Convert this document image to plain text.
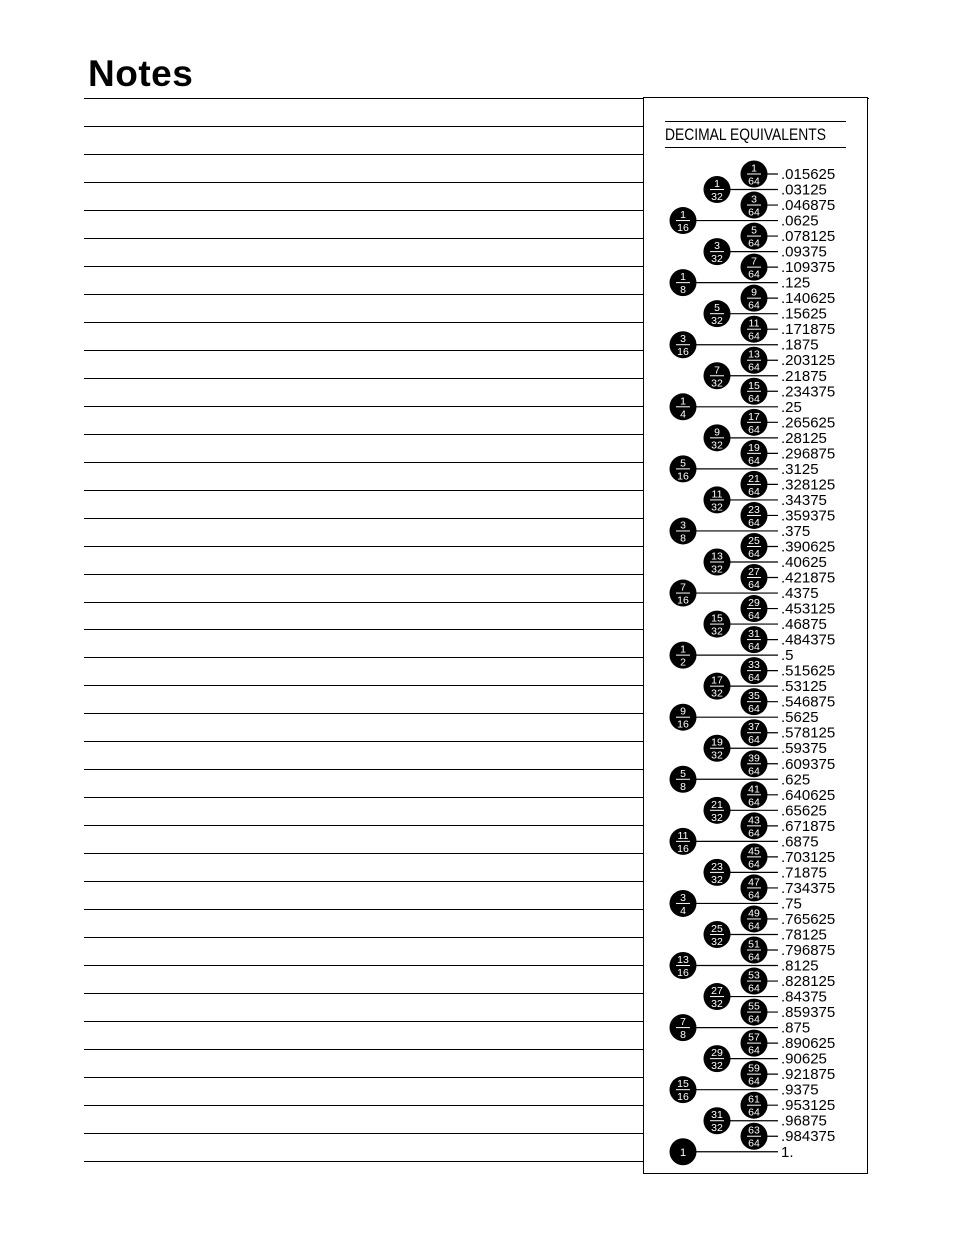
Notes
DECIMAL EQUIVALENTS
1
64 .015625
1
32	.03125
3
64 .046875
1
16	.0625
5
64 .078125
3
32	.09375
7
64 .109375
1
8	.125
9
64 .140625
5
32	.15625
11
64 .171875
3
16	.1875
13
64 .203125
7
32	.21875
15
64 .234375
1
4	.25
17
64 .265625
9
32	.28125
19
64 .296875
5
16	.3125
21
64 .328125
11
32	.34375
23
64 .359375
3
8	.375
25
64 .390625
13
32	.40625
27
64 .421875
7
16	.4375
29
64 .453125
15
32	.46875
31
64 .484375
1
2	.5
33
64 .515625
17
32	.53125
35
64 .546875
9
16	.5625
37
64 .578125
19
32	.59375
39
64 .609375
5
8	.625
41
64 .640625
21
32	.65625
43
64 .671875
11
16	.6875
45
64 .703125
23
32	.71875
47
64 .734375
3
4	.75
49
64 .765625
25
32	.78125
51
64 .796875
13
16	.8125
53
64 .828125
27
32	.84375
55
64 .859375
7
8	.875
57
64 .890625
29
32	.90625
59
64 .921875
15
16	.9375
61
64 .953125
31
32	.96875
63
64 .984375
1	1.
